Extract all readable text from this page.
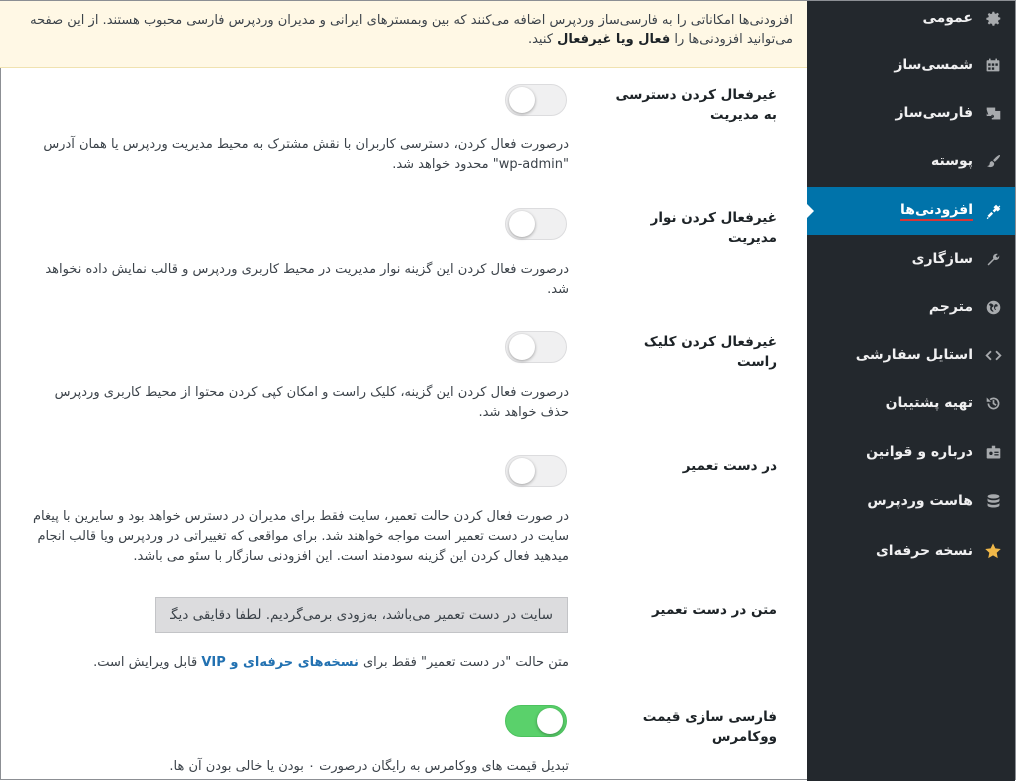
عمومی
شمسی‌ساز
A ف
فارسی‌ساز
پوسته
افزودنی‌ها
سازگاری
مترجم
استایل سفارشی
تهیه پشتیبان
درباره و قوانین
هاست وردپرس
نسخه حرفه‌ای
افزودنی‌ها امکاناتی را به فارسی‌ساز وردپرس اضافه می‌کنند که بین وبمسترهای ایرانی و مدیران وردپرس فارسی محبوب هستند. از این صفحه می‌توانید افزودنی‌ها را فعال ویا غیرفعال کنید.
غیرفعال کردن دسترسی به مدیریت
درصورت فعال کردن، دسترسی کاربران با نقش مشترک به محیط مدیریت وردپرس یا همان آدرس "wp-admin" محدود خواهد شد.
غیرفعال کردن نوار مدیریت
درصورت فعال کردن این گزینه نوار مدیریت در محیط کاربری وردپرس و قالب نمایش داده نخواهد شد.
غیرفعال کردن کلیک راست
درصورت فعال کردن این گزینه، کلیک راست و امکان کپی کردن محتوا از محیط کاربری وردپرس حذف خواهد شد.
در دست تعمیر
در صورت فعال کردن حالت تعمیر، سایت فقط برای مدیران در دسترس خواهد بود و سایرین با پیغام سایت در دست تعمیر است مواجه خواهند شد. برای مواقعی که تغییراتی در وردپرس ویا قالب انجام میدهید فعال کردن این گزینه سودمند است. این افزودنی سازگار با سئو می باشد.
متن در دست تعمیر
سایت در دست تعمیر می‌باشد، به‌زودی برمی‌گردیم. لطفا دقایقی دیگر
متن حالت "در دست تعمیر" فقط برای نسخه‌های حرفه‌ای و VIP قابل ویرایش است.
فارسی سازی قیمت ووکامرس
تبدیل قیمت های ووکامرس به رایگان درصورت ۰ بودن یا خالی بودن آن ها.
